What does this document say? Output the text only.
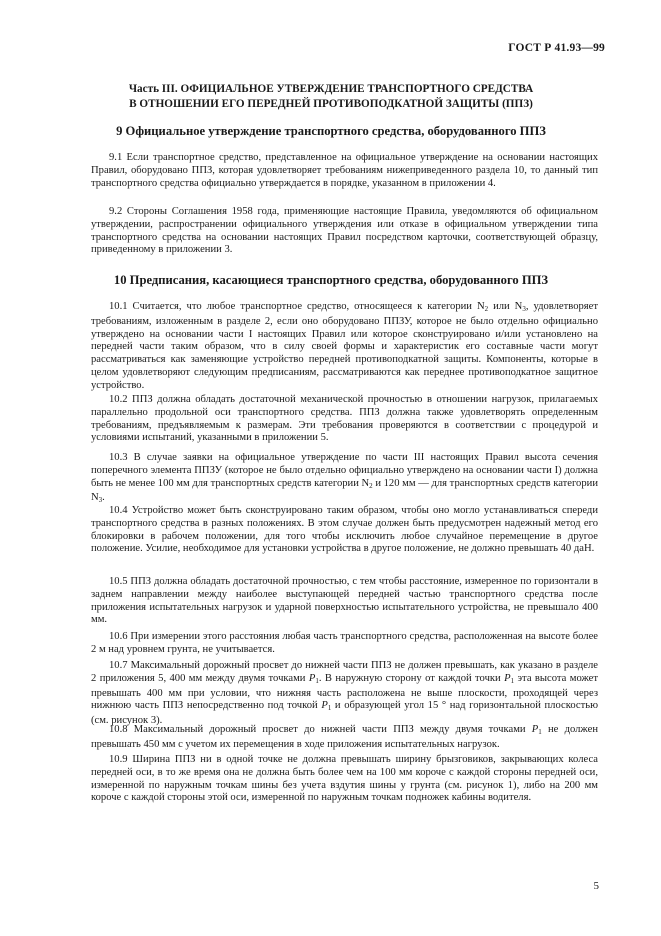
ГОСТ Р 41.93—99
Часть III. ОФИЦИАЛЬНОЕ УТВЕРЖДЕНИЕ ТРАНСПОРТНОГО СРЕДСТВА
В ОТНОШЕНИИ ЕГО ПЕРЕДНЕЙ ПРОТИВОПОДКАТНОЙ ЗАЩИТЫ (ППЗ)
9 Официальное утверждение транспортного средства, оборудованного ППЗ

9.1 Если транспортное средство, представленное на официальное утверждение на основании настоящих Правил, оборудовано ППЗ, которая удовлетворяет требованиям нижеприведенного раздела 10, то данный тип транспортного средства официально утверждается в порядке, указанном в приложении 4.

9.2 Стороны Соглашения 1958 года, применяющие настоящие Правила, уведомляются об официальном утверждении, распространении официального утверждения или отказе в официальном утверждении типа транспортного средства на основании настоящих Правил посредством карточки, соответствующей образцу, приведенному в приложении 3.

10 Предписания, касающиеся транспортного средства, оборудованного ППЗ

10.1 Считается, что любое транспортное средство, относящееся к категории $N_2$ или $N_3$, удовлетворяет требованиям, изложенным в разделе 2, если оно оборудовано ППЗУ, которое не было отдельно официально утверждено на основании части I настоящих Правил или которое сконструировано и/или установлено на передней части таким образом, что в силу своей формы и характеристик его составные части могут рассматриваться как заменяющие устройство передней противоподкатной защиты. Компоненты, которые в целом удовлетворяют следующим предписаниям, рассматриваются как переднее противоподкатное защитное устройство.

10.2 ППЗ должна обладать достаточной механической прочностью в отношении нагрузок, прилагаемых параллельно продольной оси транспортного средства. ППЗ должна также удовлетворять определенным требованиям, предъявляемым к размерам. Эти требования проверяются в соответствии с процедурой и условиями испытаний, указанными в приложении 5.

10.3 В случае заявки на официальное утверждение по части III настоящих Правил высота сечения поперечного элемента ППЗУ (которое не было отдельно официально утверждено на основании части I) должна быть не менее 100 мм для транспортных средств категории $N_2$ и 120 мм — для транспортных средств категории $N_3$.

10.4 Устройство может быть сконструировано таким образом, чтобы оно могло устанавливаться спереди транспортного средства в разных положениях. В этом случае должен быть предусмотрен надежный метод его блокировки в рабочем положении, для того чтобы исключить любое случайное перемещение в другое положение. Усилие, необходимое для установки устройства в другое положение, не должно превышать 40 даН.

10.5 ППЗ должна обладать достаточной прочностью, с тем чтобы расстояние, измеренное по горизонтали в заднем направлении между наиболее выступающей передней частью транспортного средства после приложения испытательных нагрузок и ударной поверхностью испытательного устройства, не превышало 400 мм.

10.6 При измерении этого расстояния любая часть транспортного средства, расположенная на высоте более 2 м над уровнем грунта, не учитывается.

10.7 Максимальный дорожный просвет до нижней части ППЗ не должен превышать, как указано в разделе 2 приложения 5, 400 мм между двумя точками $P_1$. В наружную сторону от каждой точки $P_1$ эта высота может превышать 400 мм при условии, что нижняя часть расположена не выше плоскости, проходящей через нижнюю часть ППЗ непосредственно под точкой $P_1$ и образующей угол 15 ° над горизонтальной плоскостью (см. рисунок 3).

10.8 Максимальный дорожный просвет до нижней части ППЗ между двумя точками $P_1$ не должен превышать 450 мм с учетом их перемещения в ходе приложения испытательных нагрузок.

10.9 Ширина ППЗ ни в одной точке не должна превышать ширину брызговиков, закрывающих колеса передней оси, в то же время она не должна быть более чем на 100 мм короче с каждой стороны передней оси, измеренной по наружным точкам шины без учета вздутия шины у грунта (см. рисунок 1), либо на 200 мм короче с каждой стороны этой оси, измеренной по наружным точкам подножек кабины водителя.

5
